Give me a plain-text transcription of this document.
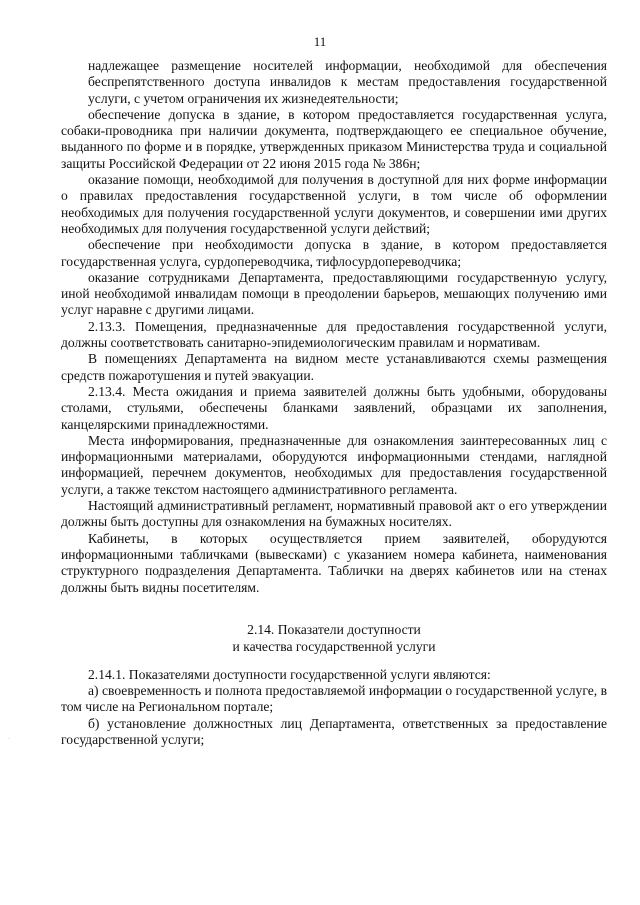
11

надлежащее размещение носителей информации, необходимой для обеспечения беспрепятственного доступа инвалидов к местам предоставления государственной услуги, с учетом ограничения их жизнедеятельности;

обеспечение допуска в здание, в котором предоставляется государственная услуга, собаки-проводника при наличии документа, подтверждающего ее специальное обучение, выданного по форме и в порядке, утвержденных приказом Министерства труда и социальной защиты Российской Федерации от 22 июня 2015 года № 386н;

оказание помощи, необходимой для получения в доступной для них форме информации о правилах предоставления государственной услуги, в том числе об оформлении необходимых для получения государственной услуги документов, и совершении ими других необходимых для получения государственной услуги действий;

обеспечение при необходимости допуска в здание, в котором предоставляется государственная услуга, сурдопереводчика, тифлосурдопереводчика;

оказание сотрудниками Департамента, предоставляющими государственную услугу, иной необходимой инвалидам помощи в преодолении барьеров, мешающих получению ими услуг наравне с другими лицами.

2.13.3. Помещения, предназначенные для предоставления государственной услуги, должны соответствовать санитарно-эпидемиологическим правилам и нормативам.

В помещениях Департамента на видном месте устанавливаются схемы размещения средств пожаротушения и путей эвакуации.

2.13.4. Места ожидания и приема заявителей должны быть удобными, оборудованы столами, стульями, обеспечены бланками заявлений, образцами их заполнения, канцелярскими принадлежностями.

Места информирования, предназначенные для ознакомления заинтересованных лиц с информационными материалами, оборудуются информационными стендами, наглядной информацией, перечнем документов, необходимых для предоставления государственной услуги, а также текстом настоящего административного регламента.

Настоящий административный регламент, нормативный правовой акт о его утверждении должны быть доступны для ознакомления на бумажных носителях.

Кабинеты, в которых осуществляется прием заявителей, оборудуются информационными табличками (вывесками) с указанием номера кабинета, наименования структурного подразделения Департамента. Таблички на дверях кабинетов или на стенах должны быть видны посетителям.

2.14. Показатели доступности

и качества государственной услуги

2.14.1. Показателями доступности государственной услуги являются:

а) своевременность и полнота предоставляемой информации о государственной услуге, в том числе на Региональном портале;

б) установление должностных лиц Департамента, ответственных за предоставление государственной услуги;

·
